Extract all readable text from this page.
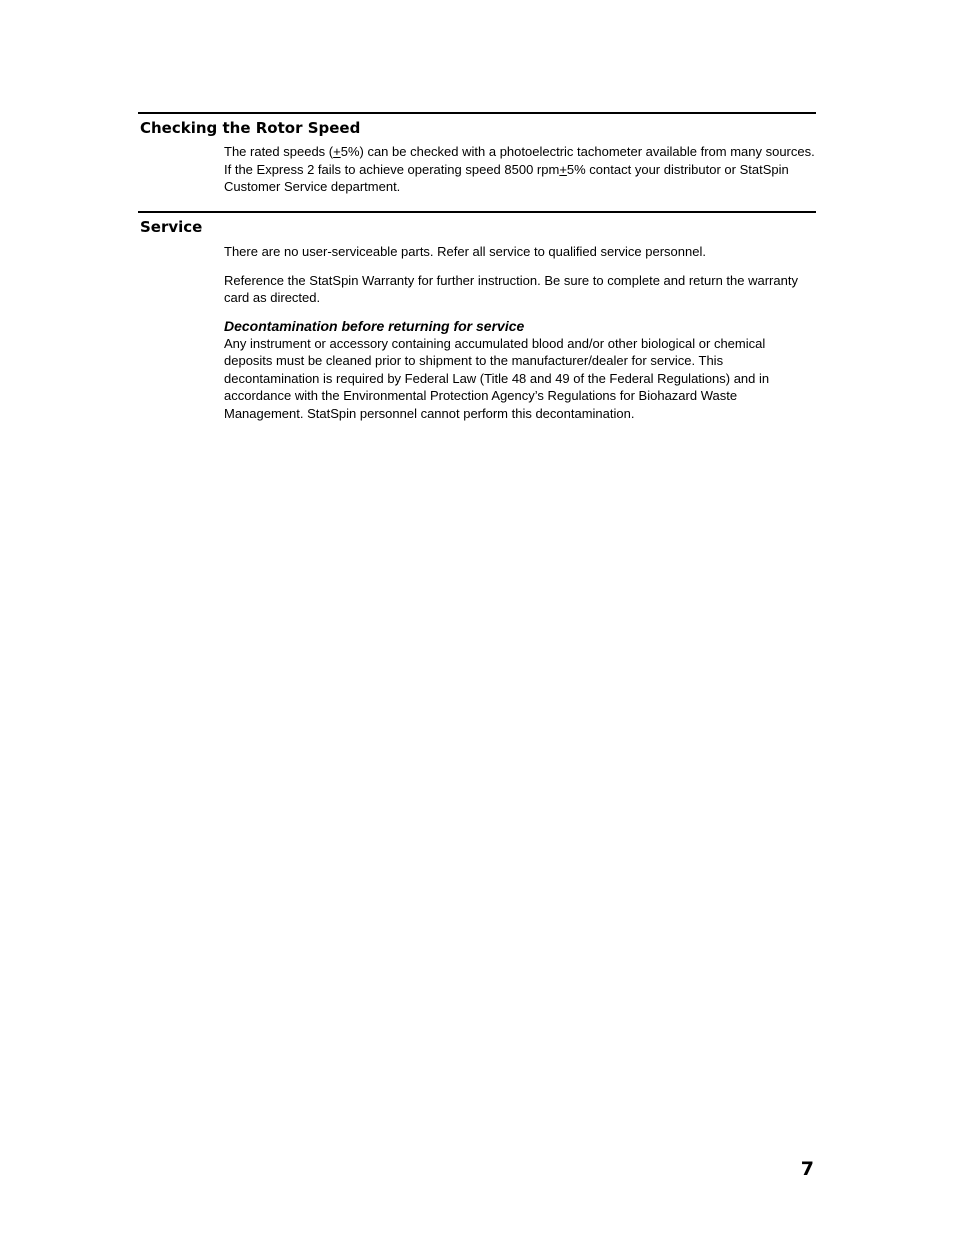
Checking the Rotor Speed

The rated speeds (+5%) can be checked with a photoelectric tachometer available from many sources. If the Express 2 fails to achieve operating speed 8500 rpm+5% contact your distributor or StatSpin Customer Service department.

Service

There are no user-serviceable parts. Refer all service to qualified service personnel.

Reference the StatSpin Warranty for further instruction. Be sure to complete and return the warranty card as directed.

Decontamination before returning for service

Any instrument or accessory containing accumulated blood and/or other biological or chemical deposits must be cleaned prior to shipment to the manufacturer/dealer for service. This decontamination is required by Federal Law (Title 48 and 49 of the Federal Regulations) and in accordance with the Environmental Protection Agency’s Regulations for Biohazard Waste Management. StatSpin personnel cannot perform this decontamination.

7
